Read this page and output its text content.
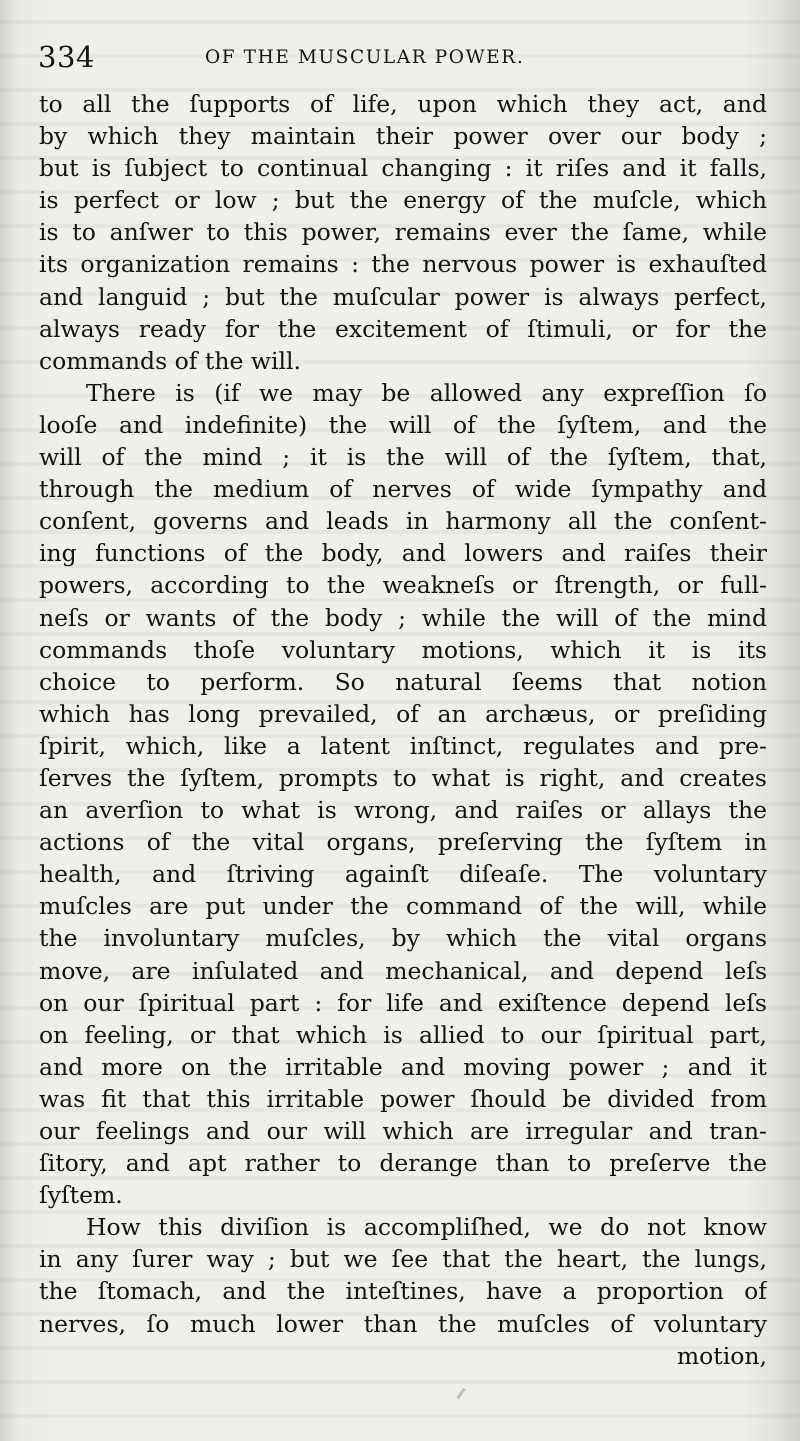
334	OF THE MUSCULAR POWER.
to all the ſupports of life, upon which they act, and
by which they maintain their power over our body ;
but is ſubject to continual changing : it riſes and it falls,
is perfect or low ; but the energy of the muſcle, which
is to anſwer to this power, remains ever the ſame, while
its organization remains : the nervous power is exhauſted
and languid ; but the muſcular power is always perfect,
always ready for the excitement of ſtimuli, or for the
commands of the will.
There is (if we may be allowed any expreſſion ſo
looſe and indefinite) the will of the ſyſtem, and the
will of the mind ; it is the will of the ſyſtem, that,
through the medium of nerves of wide ſympathy and
conſent, governs and leads in harmony all the conſent-
ing functions of the body, and lowers and raiſes their
powers, according to the weakneſs or ſtrength, or full-
neſs or wants of the body ; while the will of the mind
commands thoſe voluntary motions, which it is its
choice to perform. So natural ſeems that notion
which has long prevailed, of an archæus, or preſiding
ſpirit, which, like a latent inſtinct, regulates and pre-
ſerves the ſyſtem, prompts to what is right, and creates
an averſion to what is wrong, and raiſes or allays the
actions of the vital organs, preſerving the ſyſtem in
health, and ſtriving againſt diſeaſe. The voluntary
muſcles are put under the command of the will, while
the involuntary muſcles, by which the vital organs
move, are inſulated and mechanical, and depend leſs
on our ſpiritual part : for life and exiſtence depend leſs
on feeling, or that which is allied to our ſpiritual part,
and more on the irritable and moving power ; and it
was fit that this irritable power ſhould be divided from
our feelings and our will which are irregular and tran-
ſitory, and apt rather to derange than to preſerve the
ſyſtem.
How this diviſion is accompliſhed, we do not know
in any ſurer way ; but we ſee that the heart, the lungs,
the ſtomach, and the inteſtines, have a proportion of
nerves, ſo much lower than the muſcles of voluntary
motion,
